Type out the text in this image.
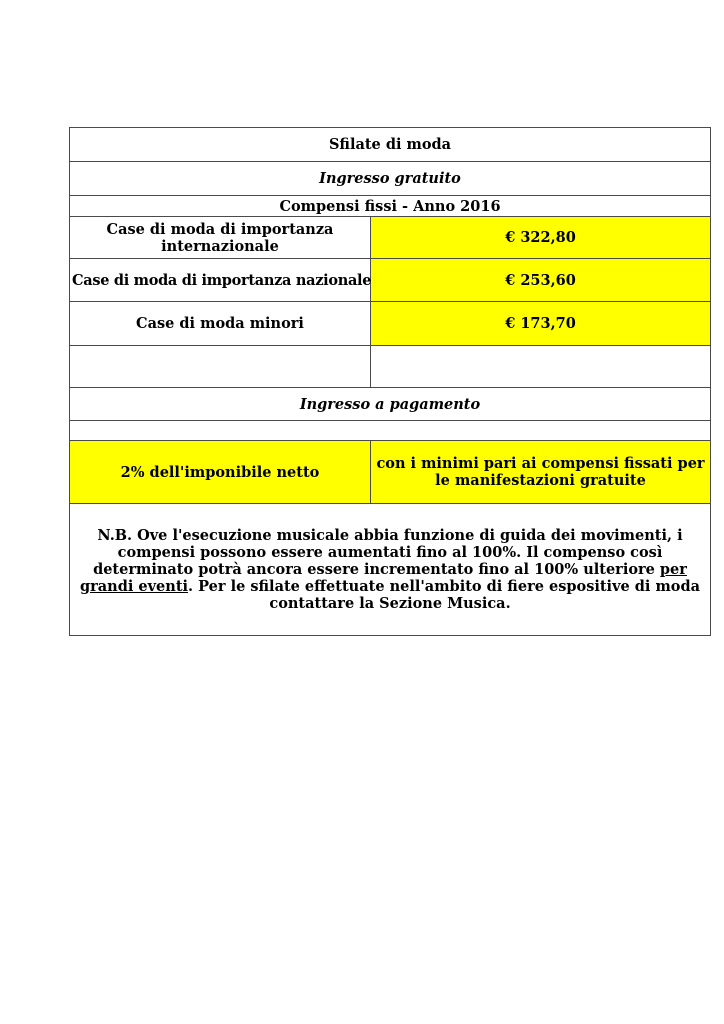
Sfilate di moda	
Ingresso gratuito	
Compensi fissi - Anno 2016	
Case di moda di importanza internazionale	€ 322,80
Case di moda di importanza nazionale	€ 253,60
Case di moda minori	€ 173,70

Ingresso a pagamento	

2% dell'imponibile netto	con i minimi pari ai compensi fissati per le manifestazioni gratuite
N.B. Ove l'esecuzione musicale abbia funzione di guida dei movimenti, i compensi possono essere aumentati fino al 100%. Il compenso così determinato potrà ancora essere incrementato fino al 100% ulteriore per grandi eventi. Per le sfilate effettuate nell'ambito di fiere espositive di moda contattare la Sezione Musica.	
